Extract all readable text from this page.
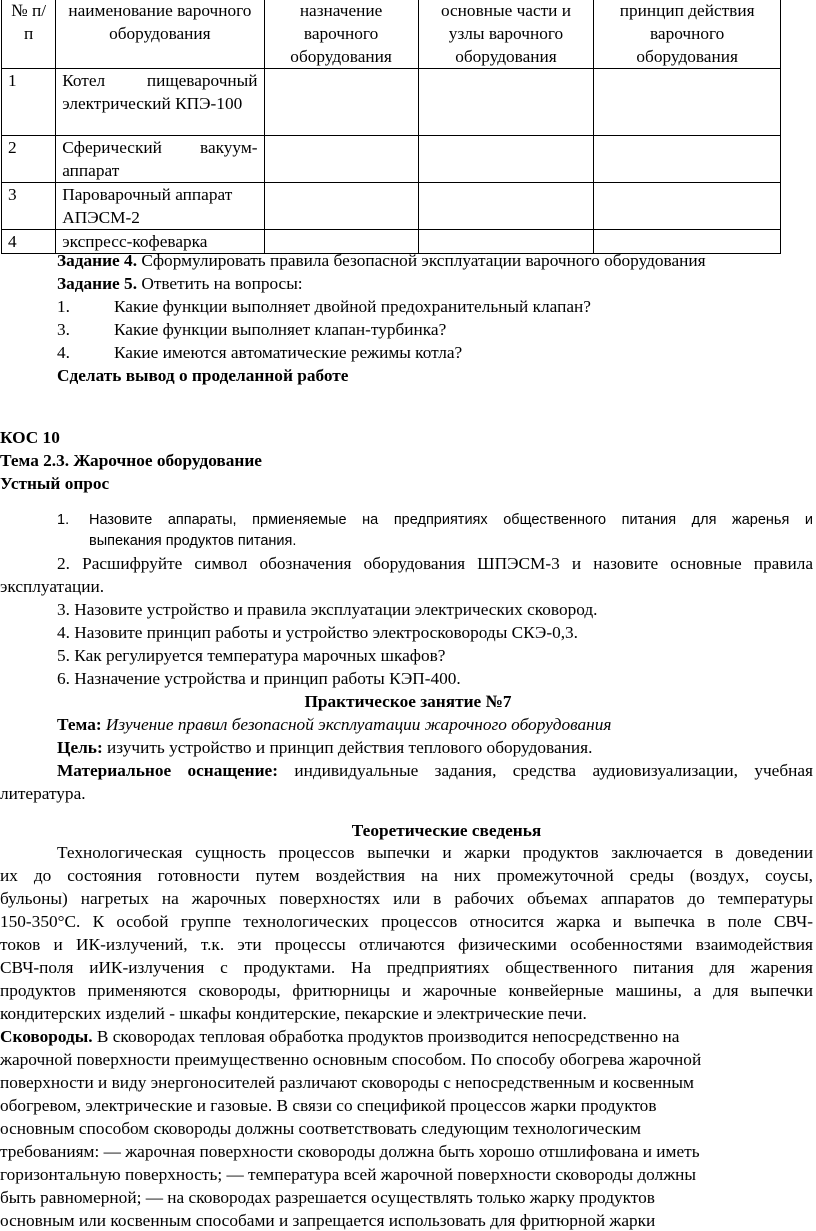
№ п/п	наименование варочного оборудования	назначение варочного оборудования	основные части и узлы варочного оборудования	принцип действия варочного оборудования
1	Котел пищеварочный электрический КПЭ-100			
2	Сферический вакуум-аппарат			
3	Пароварочный аппарат АПЭСМ-2			
4	экспресс-кофеварка			
Задание 4. Сформулировать правила безопасной эксплуатации варочного оборудования
Задание 5. Ответить на вопросы:
1.	Какие функции выполняет двойной предохранительный клапан?
3.	Какие функции выполняет клапан-турбинка?
4.	Какие имеются автоматические режимы котла?
Сделать вывод о проделанной работе
КОС 10
Тема 2.3. Жарочное оборудование
Устный опрос
1. Назовите аппараты, прмиеняемые на предприятиях общественного питания для жаренья и
выпекания продуктов питания.
2. Расшифруйте символ обозначения оборудования ШПЭСМ-3 и назовите основные правила
эксплуатации.
3. Назовите устройство и правила эксплуатации электрических сковород.
4. Назовите принцип работы и устройство электросковороды СКЭ-0,3.
5. Как регулируется температура марочных шкафов?
6. Назначение устройства и принцип работы КЭП-400.
Практическое занятие №7
Тема: Изучение правил безопасной эксплуатации жарочного оборудования
Цель: изучить устройство и принцип действия теплового оборудования.
Материальное оснащение: индивидуальные задания, средства аудиовизуализации, учебная
литература.
Теоретические сведенья
Технологическая сущность процессов выпечки и жарки продуктов заключается в доведении
их до состояния готовности путем воздействия на них промежуточной среды (воздух, соусы,
бульоны) нагретых на жарочных поверхностях или в рабочих объемах аппаратов до температуры
150-350°С. К особой группе технологических процессов относится жарка и выпечка в поле СВЧ-
токов и ИК-излучений, т.к. эти процессы отличаются физическими особенностями взаимодействия
СВЧ-поля иИК-излучения с продуктами. На предприятиях общественного питания для жарения
продуктов применяются сковороды, фритюрницы и жарочные конвейерные машины, а для выпечки
кондитерских изделий - шкафы кондитерские, пекарские и электрические печи.
Сковороды. В сковородах тепловая обработка продуктов производится непосредственно на
жарочной поверхности преимущественно основным способом. По способу обогрева жарочной
поверхности и виду энергоносителей различают сковороды с непосредственным и косвенным
обогревом, электрические и газовые. В связи со спецификой процессов жарки продуктов
основным способом сковороды должны соответствовать следующим технологическим
требованиям: — жарочная поверхности сковороды должна быть хорошо отшлифована и иметь
горизонтальную поверхность; — температура всей жарочной поверхности сковороды должны
быть равномерной; — на сковородах разрешается осуществлять только жарку продуктов
основным или косвенным способами и запрещается использовать для фритюрной жарки
